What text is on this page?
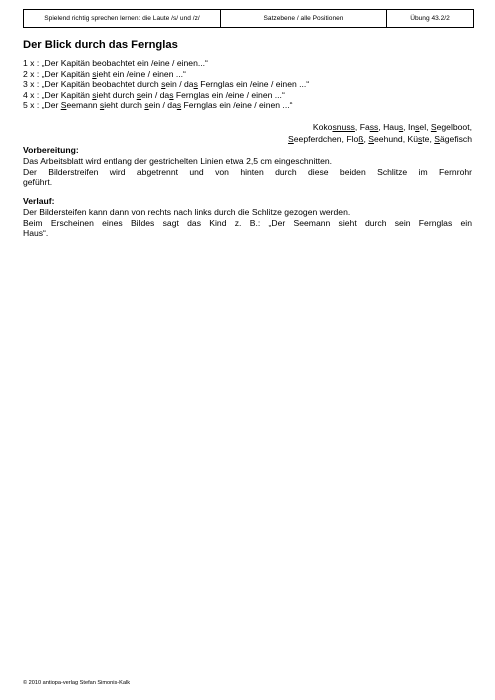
Spielend richtig sprechen lernen: die Laute /s/ und /z/	Satzebene / alle Positionen	Übung 43.2/2
Der Blick durch das Fernglas
1 x : „Der Kapitän beobachtet ein /eine / einen...“
2 x : „Der Kapitän sieht ein /eine / einen ...“
3 x : „Der Kapitän beobachtet durch sein / das Fernglas ein /eine / einen ...“
4 x : „Der Kapitän sieht durch sein / das Fernglas ein /eine / einen ...“
5 x : „Der Seemann sieht durch sein / das Fernglas ein /eine / einen ...“
Kokosnuss, Fass, Haus, Insel, Segelboot,
Seepferdchen, Floß, Seehund, Küste, Sägefisch
Vorbereitung:
Das Arbeitsblatt wird entlang der gestrichelten Linien etwa 2,5 cm eingeschnitten.
Der Bilderstreifen wird abgetrennt und von hinten durch diese beiden Schlitze im Fernrohr
geführt.
Verlauf:
Der Bildersteifen kann dann von rechts nach links durch die Schlitze gezogen werden.
Beim Erscheinen eines Bildes sagt das Kind z. B.: „Der Seemann sieht durch sein Fernglas ein
Haus“.
© 2010 antiopa-verlag Stefan Simonis-Kalk
